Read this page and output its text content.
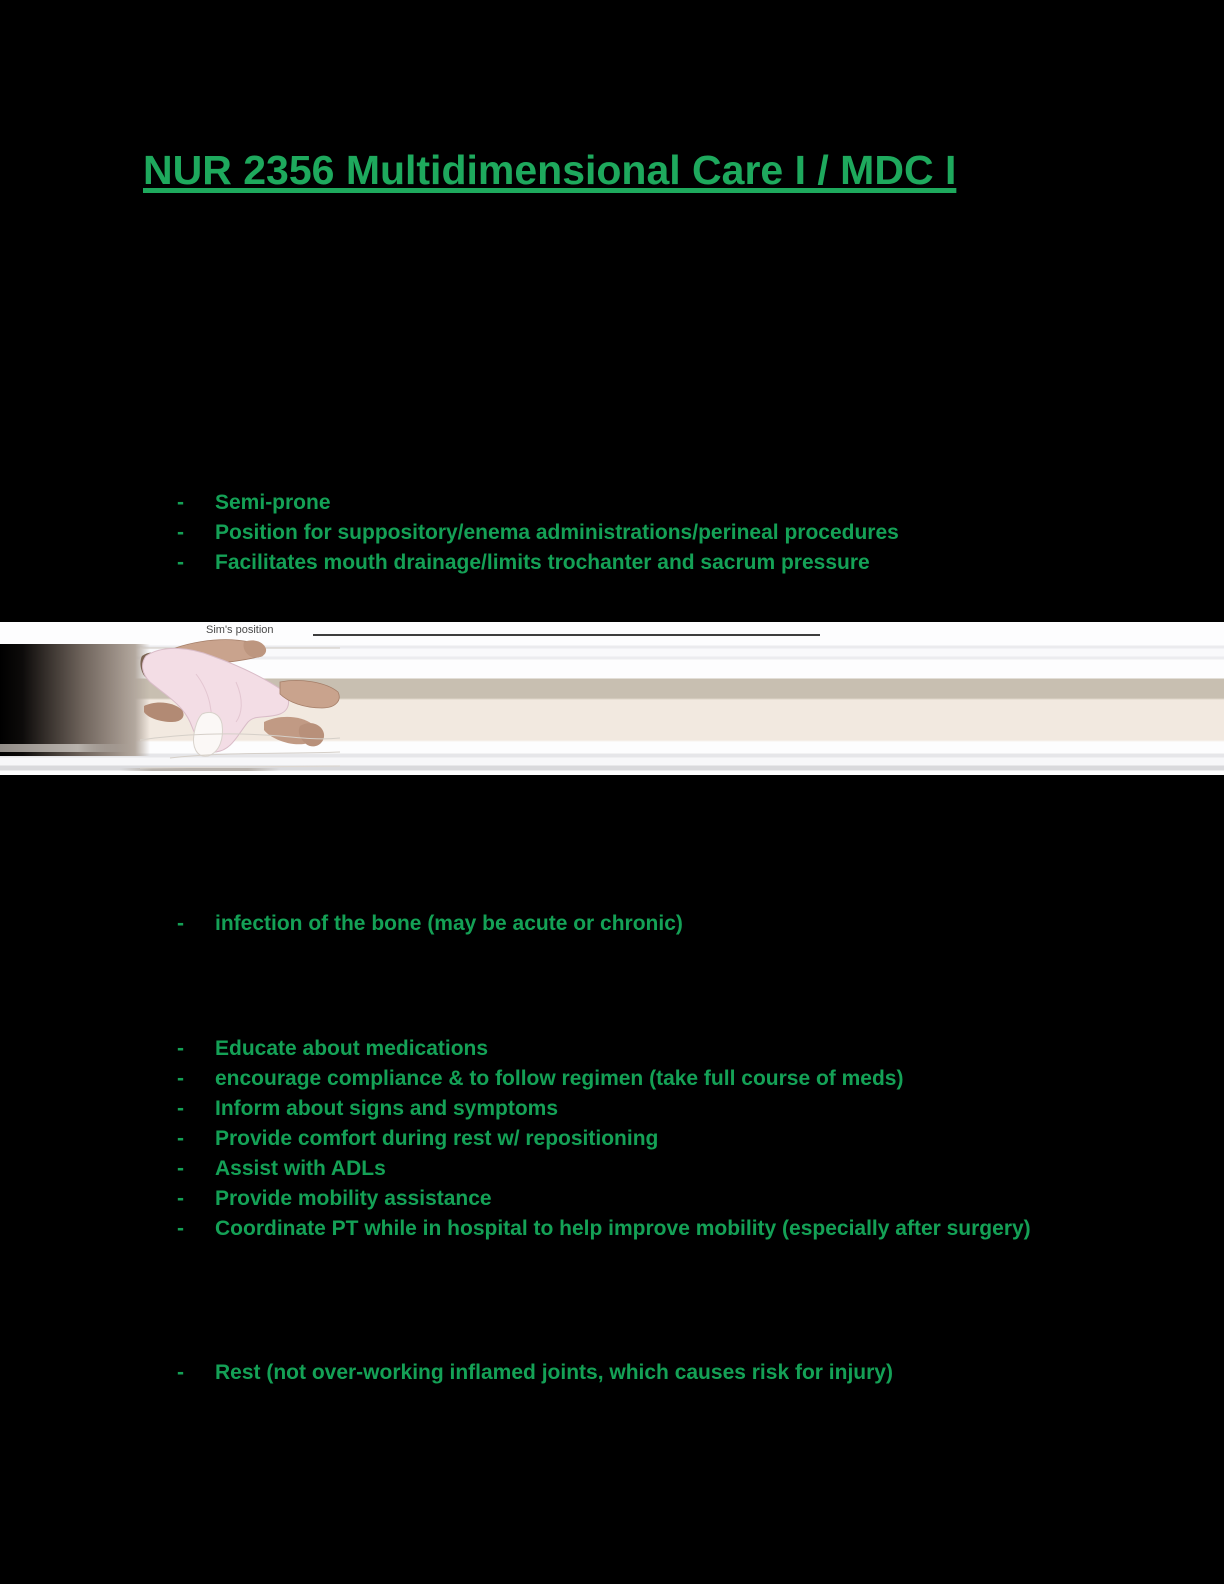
NUR 2356 Multidimensional Care I / MDC I
-	Semi-prone
-	Position for suppository/enema administrations/perineal procedures
-	Facilitates mouth drainage/limits trochanter and sacrum pressure
Sim's position
-	infection of the bone (may be acute or chronic)
-	Educate about medications
-	encourage compliance & to follow regimen (take full course of meds)
-	Inform about signs and symptoms
-	Provide comfort during rest w/ repositioning
-	Assist with ADLs
-	Provide mobility assistance
-	Coordinate PT while in hospital to help improve mobility (especially after surgery)
-	Rest (not over-working inflamed joints, which causes risk for injury)
